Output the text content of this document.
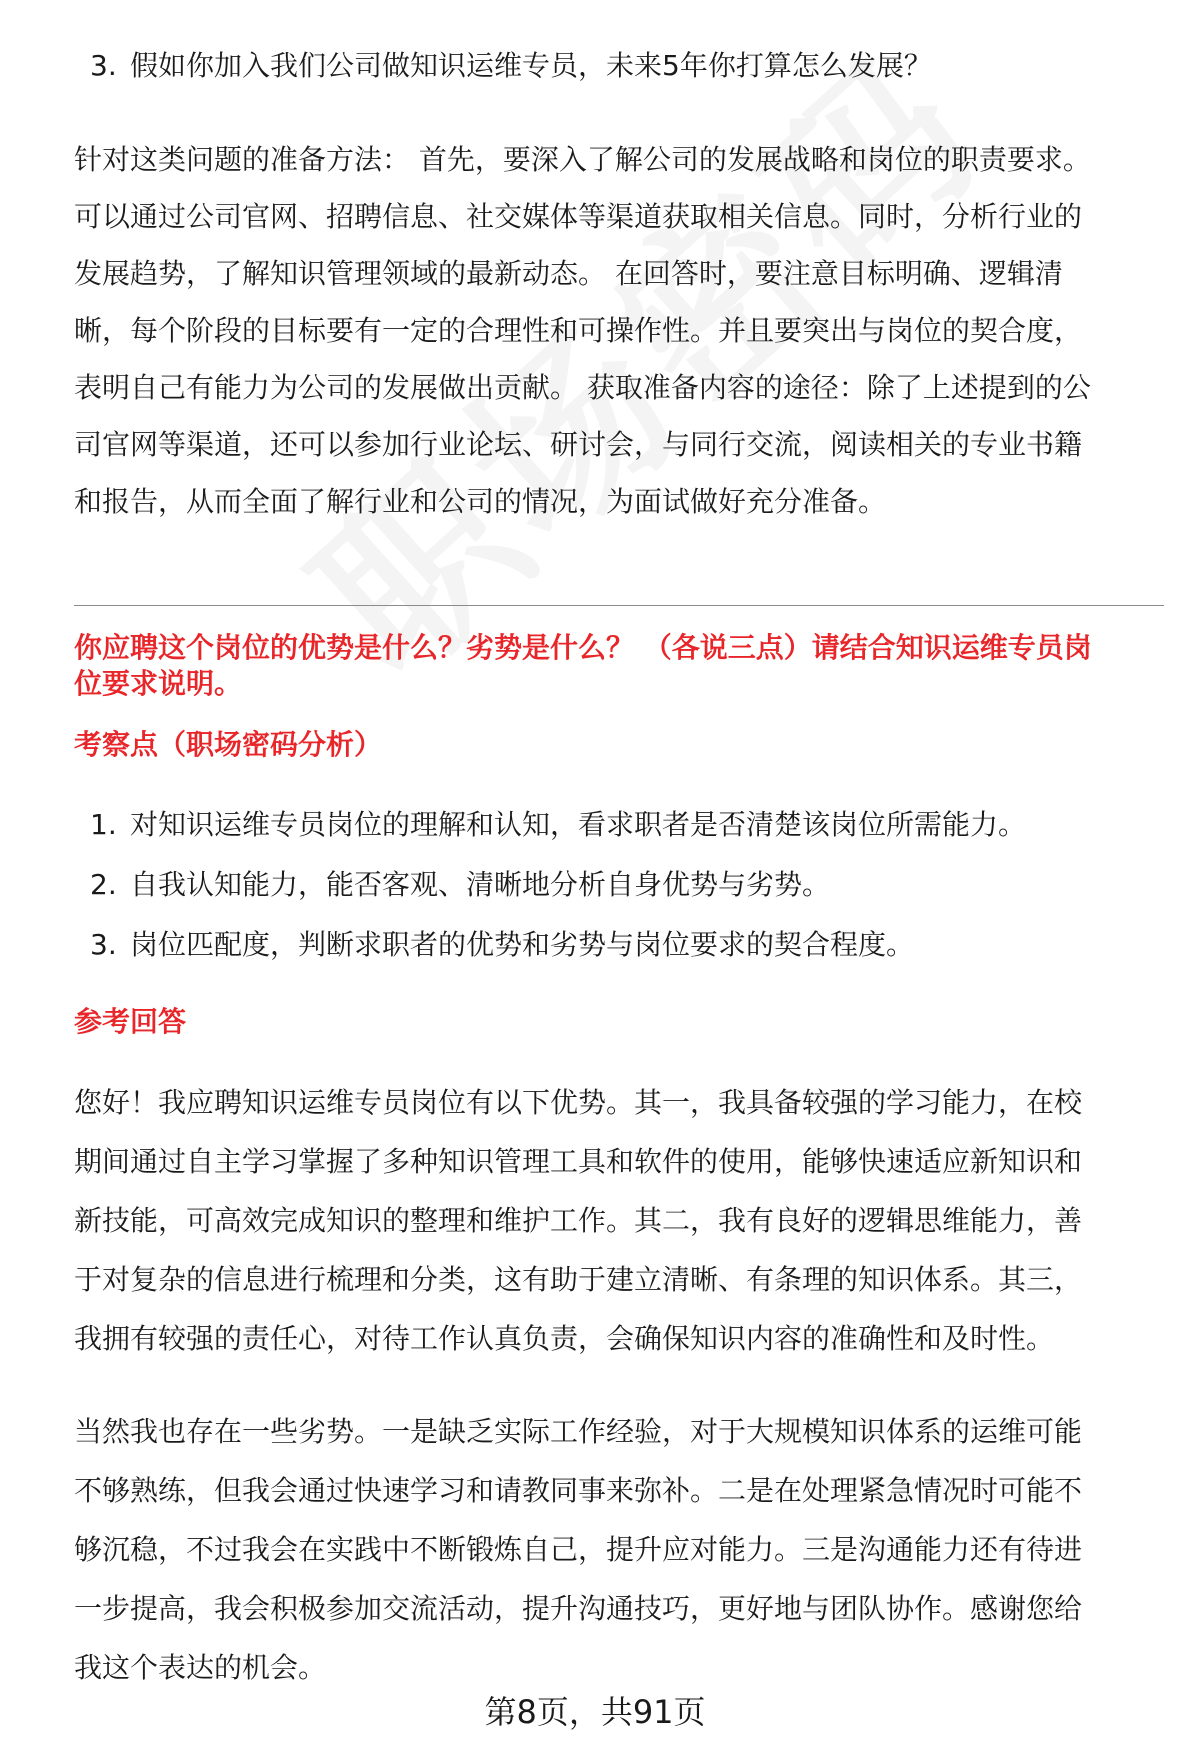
3. 假如你加入我们公司做知识运维专员，未来5年你打算怎么发展？
针对这类问题的准备方法： 首先，要深入了解公司的发展战略和岗位的职责要求。
可以通过公司官网、招聘信息、社交媒体等渠道获取相关信息。同时，分析行业的
发展趋势，了解知识管理领域的最新动态。 在回答时，要注意目标明确、逻辑清
晰，每个阶段的目标要有一定的合理性和可操作性。并且要突出与岗位的契合度，
表明自己有能力为公司的发展做出贡献。 获取准备内容的途径：除了上述提到的公
司官网等渠道，还可以参加行业论坛、研讨会，与同行交流，阅读相关的专业书籍
和报告，从而全面了解行业和公司的情况，为面试做好充分准备。
你应聘这个岗位的优势是什么？劣势是什么？ （各说三点）请结合知识运维专员岗
位要求说明。
考察点（职场密码分析）
1. 对知识运维专员岗位的理解和认知，看求职者是否清楚该岗位所需能力。
2. 自我认知能力，能否客观、清晰地分析自身优势与劣势。
3. 岗位匹配度，判断求职者的优势和劣势与岗位要求的契合程度。
参考回答
您好！我应聘知识运维专员岗位有以下优势。其一，我具备较强的学习能力，在校
期间通过自主学习掌握了多种知识管理工具和软件的使用，能够快速适应新知识和
新技能，可高效完成知识的整理和维护工作。其二，我有良好的逻辑思维能力，善
于对复杂的信息进行梳理和分类，这有助于建立清晰、有条理的知识体系。其三，
我拥有较强的责任心，对待工作认真负责，会确保知识内容的准确性和及时性。
当然我也存在一些劣势。一是缺乏实际工作经验，对于大规模知识体系的运维可能
不够熟练，但我会通过快速学习和请教同事来弥补。二是在处理紧急情况时可能不
够沉稳，不过我会在实践中不断锻炼自己，提升应对能力。三是沟通能力还有待进
一步提高，我会积极参加交流活动，提升沟通技巧，更好地与团队协作。感谢您给
我这个表达的机会。
第8页，共91页
